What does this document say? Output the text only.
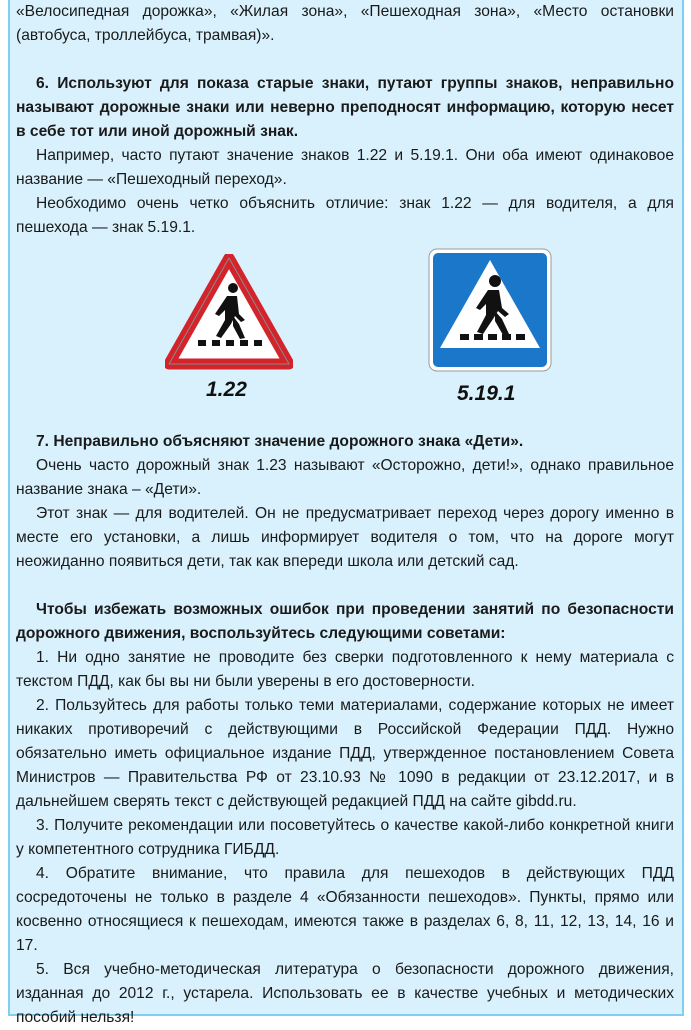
«Велосипедная дорожка», «Жилая зона», «Пешеходная зона», «Место остановки (автобуса, троллейбуса, трамвая)».

6. Используют для показа старые знаки, путают группы знаков, неправильно называют дорожные знаки или неверно преподносят информацию, которую несет в себе тот или иной дорожный знак.

Например, часто путают значение знаков 1.22 и 5.19.1. Они оба имеют одинаковое название — «Пешеходный переход».

Необходимо очень четко объяснить отличие: знак 1.22 — для водителя, а для пешехода — знак 5.19.1.

1.22	5.19.1

7. Неправильно объясняют значение дорожного знака «Дети».

Очень часто дорожный знак 1.23 называют «Осторожно, дети!», однако правильное название знака – «Дети».

Этот знак — для водителей. Он не предусматривает переход через дорогу именно в месте его установки, а лишь информирует водителя о том, что на дороге могут неожиданно появиться дети, так как впереди школа или детский сад.

Чтобы избежать возможных ошибок при проведении занятий по безопасности дорожного движения, воспользуйтесь следующими советами:

1. Ни одно занятие не проводите без сверки подготовленного к нему материала с текстом ПДД, как бы вы ни были уверены в его достоверности.

2. Пользуйтесь для работы только теми материалами, содержание которых не имеет никаких противоречий с действующими в Российской Федерации ПДД. Нужно обязательно иметь официальное издание ПДД, утвержденное постановлением Совета Министров — Правительства РФ от 23.10.93 № 1090 в редакции от 23.12.2017, и в дальнейшем сверять текст с действующей редакцией ПДД на сайте gibdd.ru.

3. Получите рекомендации или посоветуйтесь о качестве какой-либо конкретной книги у компетентного сотрудника ГИБДД.

4. Обратите внимание, что правила для пешеходов в действующих ПДД сосредоточены не только в разделе 4 «Обязанности пешеходов». Пункты, прямо или косвенно относящиеся к пешеходам, имеются также в разделах 6, 8, 11, 12, 13, 14, 16 и 17.

5. Вся учебно-методическая литература о безопасности дорожного движения, изданная до 2012 г., устарела. Использовать ее в качестве учебных и методических пособий нельзя!
